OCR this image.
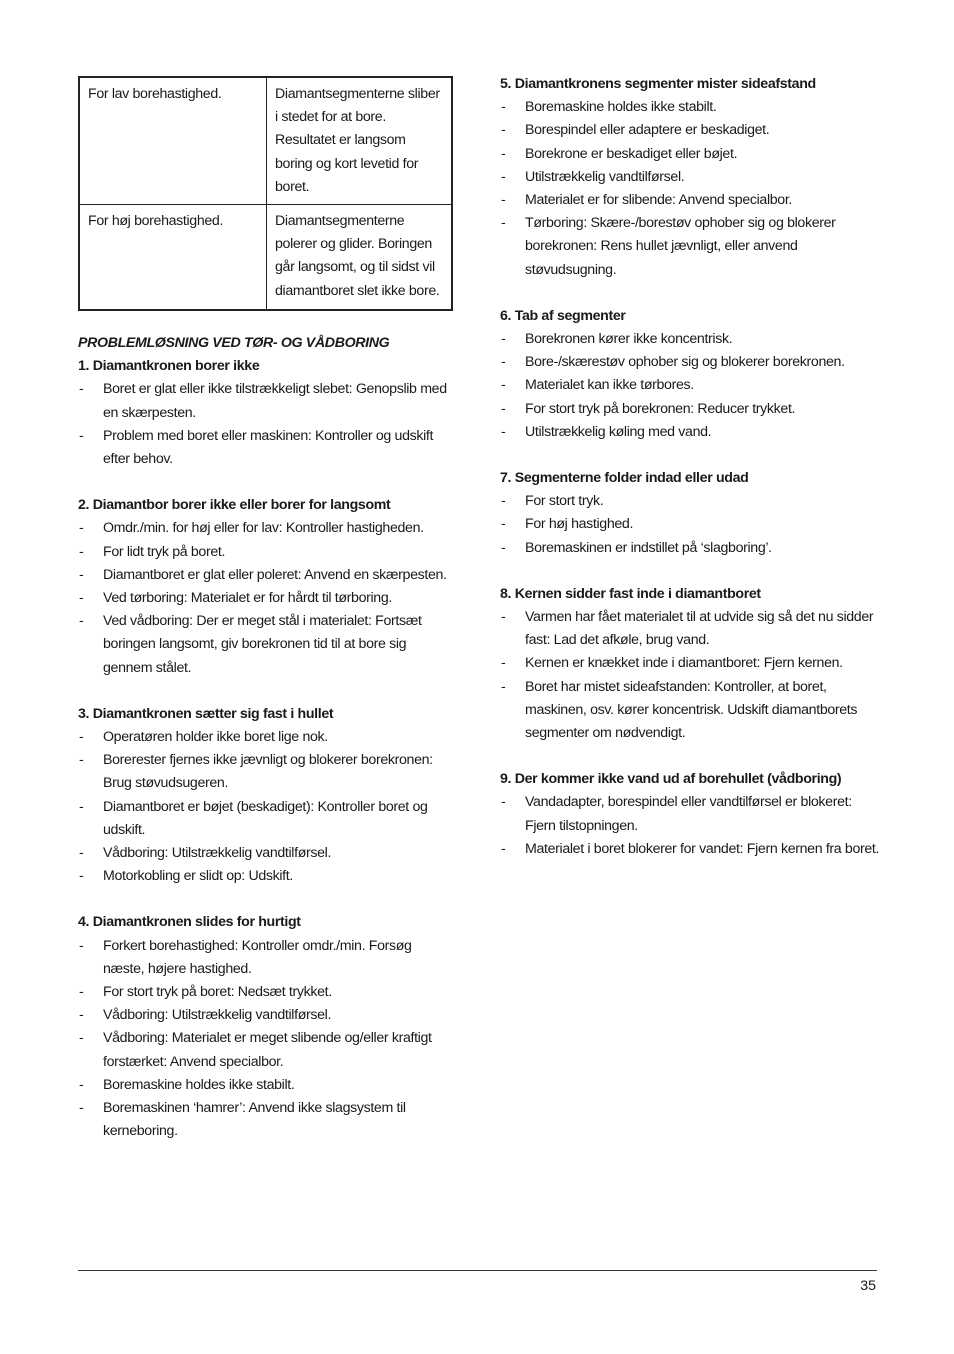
For lav borehastighed.	Diamantsegmenterne sliber i stedet for at bore. Resultatet er langsom boring og kort levetid for boret.
For høj borehastighed.	Diamantsegmenterne polerer og glider. Boringen går langsomt, og til sidst vil diamantboret slet ikke bore.

PROBLEMLØSNING VED TØR- OG VÅDBORING

1. Diamantkronen borer ikke

- Boret er glat eller ikke tilstrækkeligt slebet: Genopslib med en skærpesten.
- Problem med boret eller maskinen: Kontroller og udskift efter behov.

2. Diamantbor borer ikke eller borer for langsomt

- Omdr./min. for høj eller for lav: Kontroller hastigheden.
- For lidt tryk på boret.
- Diamantboret er glat eller poleret: Anvend en skærpesten.
- Ved tørboring: Materialet er for hårdt til tørboring.
- Ved vådboring: Der er meget stål i materialet: Fortsæt boringen langsomt, giv borekronen tid til at bore sig gennem stålet.

3. Diamantkronen sætter sig fast i hullet

- Operatøren holder ikke boret lige nok.
- Borerester fjernes ikke jævnligt og blokerer borekronen: Brug støvudsugeren.
- Diamantboret er bøjet (beskadiget): Kontroller boret og udskift.
- Vådboring: Utilstrækkelig vandtilførsel.
- Motorkobling er slidt op: Udskift.

4. Diamantkronen slides for hurtigt

- Forkert borehastighed: Kontroller omdr./min. Forsøg næste, højere hastighed.
- For stort tryk på boret: Nedsæt trykket.
- Vådboring: Utilstrækkelig vandtilførsel.
- Vådboring: Materialet er meget slibende og/eller kraftigt forstærket: Anvend specialbor.
- Boremaskine holdes ikke stabilt.
- Boremaskinen ‘hamrer’: Anvend ikke slagsystem til kerneboring.

5. Diamantkronens segmenter mister sideafstand

- Boremaskine holdes ikke stabilt.
- Borespindel eller adaptere er beskadiget.
- Borekrone er beskadiget eller bøjet.
- Utilstrækkelig vandtilførsel.
- Materialet er for slibende: Anvend specialbor.
- Tørboring: Skære-/borestøv ophober sig og blokerer borekronen: Rens hullet jævnligt, eller anvend støvudsugning.

6. Tab af segmenter

- Borekronen kører ikke koncentrisk.
- Bore-/skærestøv ophober sig og blokerer borekronen.
- Materialet kan ikke tørbores.
- For stort tryk på borekronen: Reducer trykket.
- Utilstrækkelig køling med vand.

7. Segmenterne folder indad eller udad

- For stort tryk.
- For høj hastighed.
- Boremaskinen er indstillet på ‘slagboring’.

8. Kernen sidder fast inde i diamantboret

- Varmen har fået materialet til at udvide sig så det nu sidder fast: Lad det afkøle, brug vand.
- Kernen er knækket inde i diamantboret: Fjern kernen.
- Boret har mistet sideafstanden: Kontroller, at boret, maskinen, osv. kører koncentrisk. Udskift diamantborets segmenter om nødvendigt.

9. Der kommer ikke vand ud af borehullet (vådboring)

- Vandadapter, borespindel eller vandtilførsel er blokeret: Fjern tilstopningen.
- Materialet i boret blokerer for vandet: Fjern kernen fra boret.
35
